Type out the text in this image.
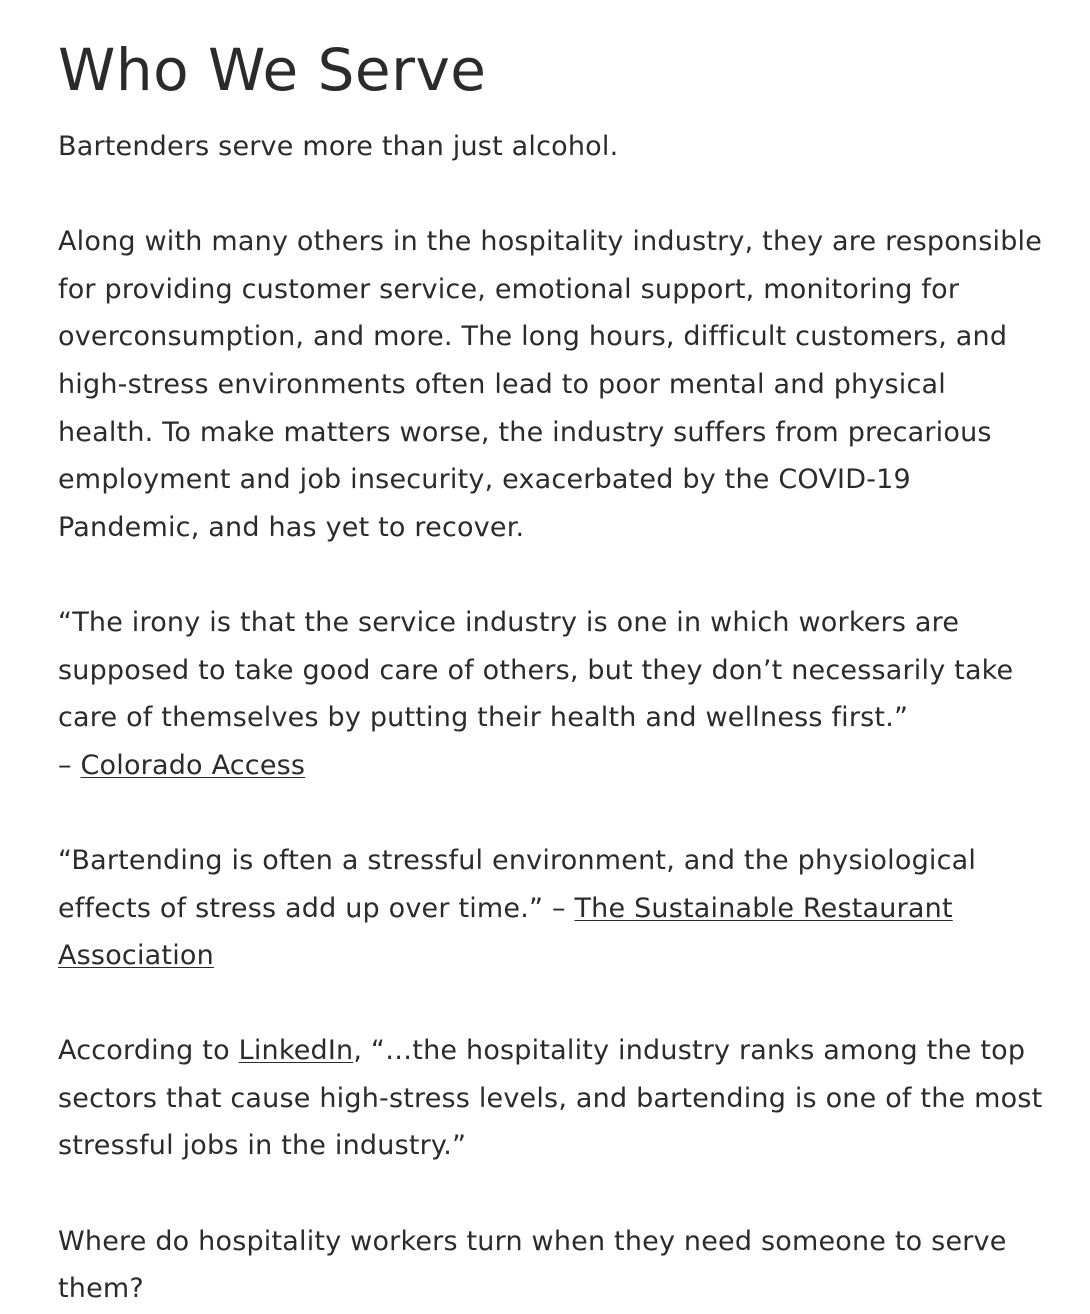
Who We Serve

Bartenders serve more than just alcohol.

Along with many others in the hospitality industry, they are responsible for providing customer service, emotional support, monitoring for overconsumption, and more. The long hours, difficult customers, and high-stress environments often lead to poor mental and physical health. To make matters worse, the industry suffers from precarious employment and job insecurity, exacerbated by the COVID-19 Pandemic, and has yet to recover.

“The irony is that the service industry is one in which workers are supposed to take good care of others, but they don’t necessarily take care of themselves by putting their health and wellness first.”
– Colorado Access

“Bartending is often a stressful environment, and the physiological effects of stress add up over time.” – The Sustainable Restaurant Association

According to LinkedIn, “…the hospitality industry ranks among the top sectors that cause high-stress levels, and bartending is one of the most stressful jobs in the industry.”

Where do hospitality workers turn when they need someone to serve them?
